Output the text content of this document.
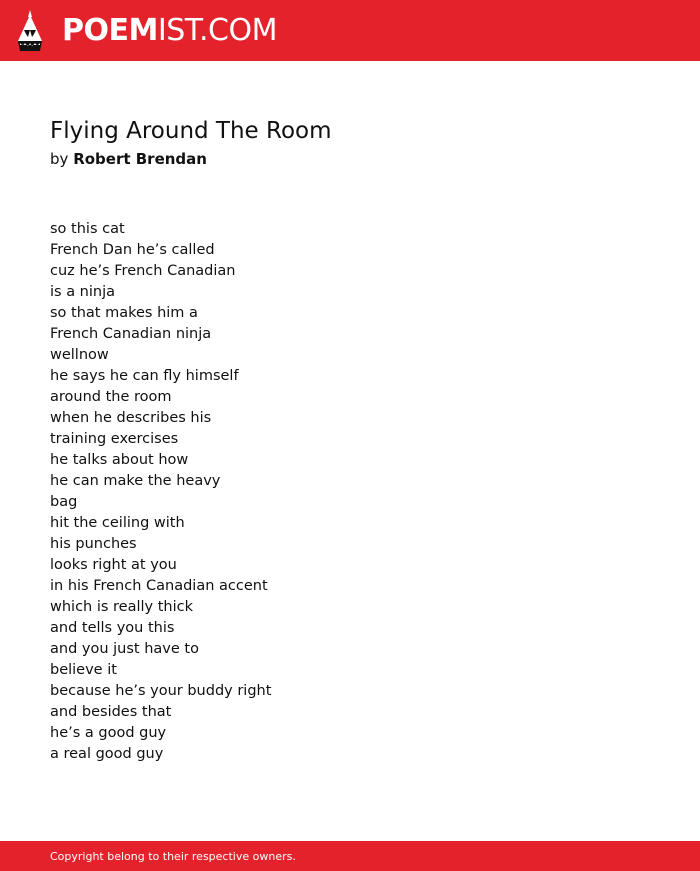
POEMIST.COM
Flying Around The Room
by Robert Brendan
so this cat
French Dan he’s called
cuz he’s French Canadian
is a ninja
so that makes him a
French Canadian ninja
wellnow
he says he can fly himself
around the room
when he describes his
training exercises
he talks about how
he can make the heavy
bag
hit the ceiling with
his punches
looks right at you
in his French Canadian accent
which is really thick
and tells you this
and you just have to
believe it
because he’s your buddy right
and besides that
he’s a good guy
a real good guy
Copyright belong to their respective owners.
